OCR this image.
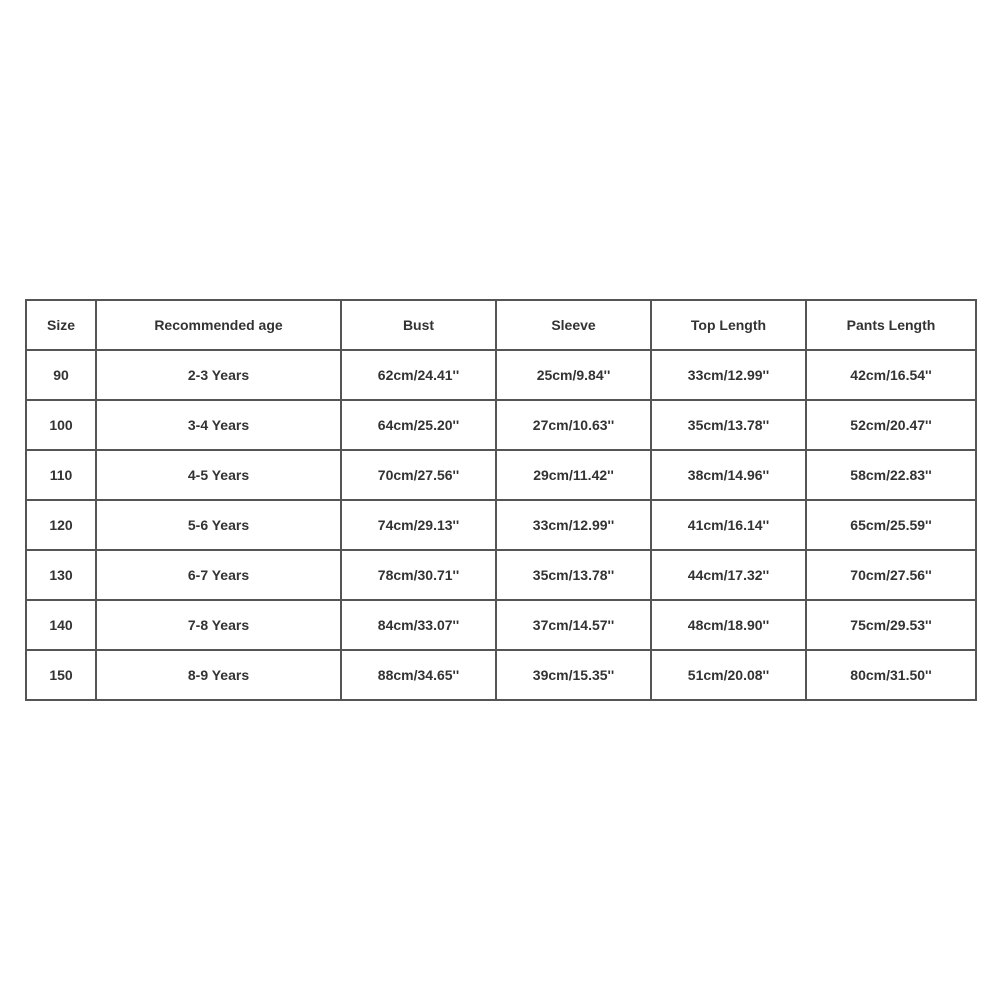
Size	Recommended age	Bust	Sleeve	Top Length	Pants Length
90	2-3 Years	62cm/24.41''	25cm/9.84''	33cm/12.99''	42cm/16.54''
100	3-4 Years	64cm/25.20''	27cm/10.63''	35cm/13.78''	52cm/20.47''
110	4-5 Years	70cm/27.56''	29cm/11.42''	38cm/14.96''	58cm/22.83''
120	5-6 Years	74cm/29.13''	33cm/12.99''	41cm/16.14''	65cm/25.59''
130	6-7 Years	78cm/30.71''	35cm/13.78''	44cm/17.32''	70cm/27.56''
140	7-8 Years	84cm/33.07''	37cm/14.57''	48cm/18.90''	75cm/29.53''
150	8-9 Years	88cm/34.65''	39cm/15.35''	51cm/20.08''	80cm/31.50''
